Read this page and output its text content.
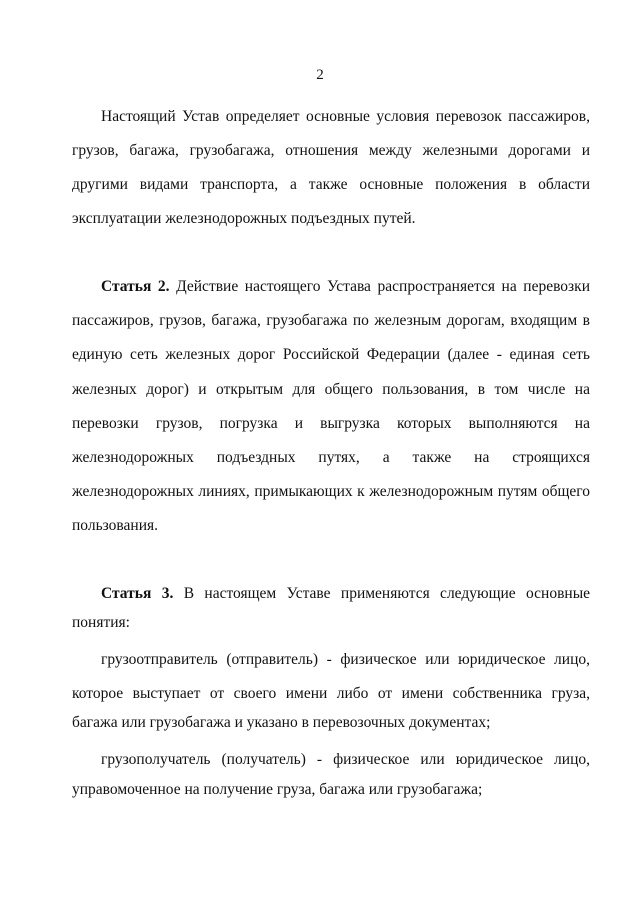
2
Настоящий Устав определяет основные условия перевозок пассажиров,
грузов, багажа, грузобагажа, отношения между железными дорогами и
другими видами транспорта, а также основные положения в области
эксплуатации железнодорожных подъездных путей.
Статья 2. Действие настоящего Устава распространяется на перевозки
пассажиров, грузов, багажа, грузобагажа по железным дорогам, входящим в
единую сеть железных дорог Российской Федерации (далее - единая сеть
железных дорог) и открытым для общего пользования, в том числе на
перевозки грузов, погрузка и выгрузка которых выполняются на
железнодорожных подъездных путях, а также на строящихся
железнодорожных линиях, примыкающих к железнодорожным путям общего
пользования.
Статья 3. В настоящем Уставе применяются следующие основные
понятия:
грузоотправитель (отправитель) - физическое или юридическое лицо,
которое выступает от своего имени либо от имени собственника груза,
багажа или грузобагажа и указано в перевозочных документах;
грузополучатель (получатель) - физическое или юридическое лицо,
управомоченное на получение груза, багажа или грузобагажа;
